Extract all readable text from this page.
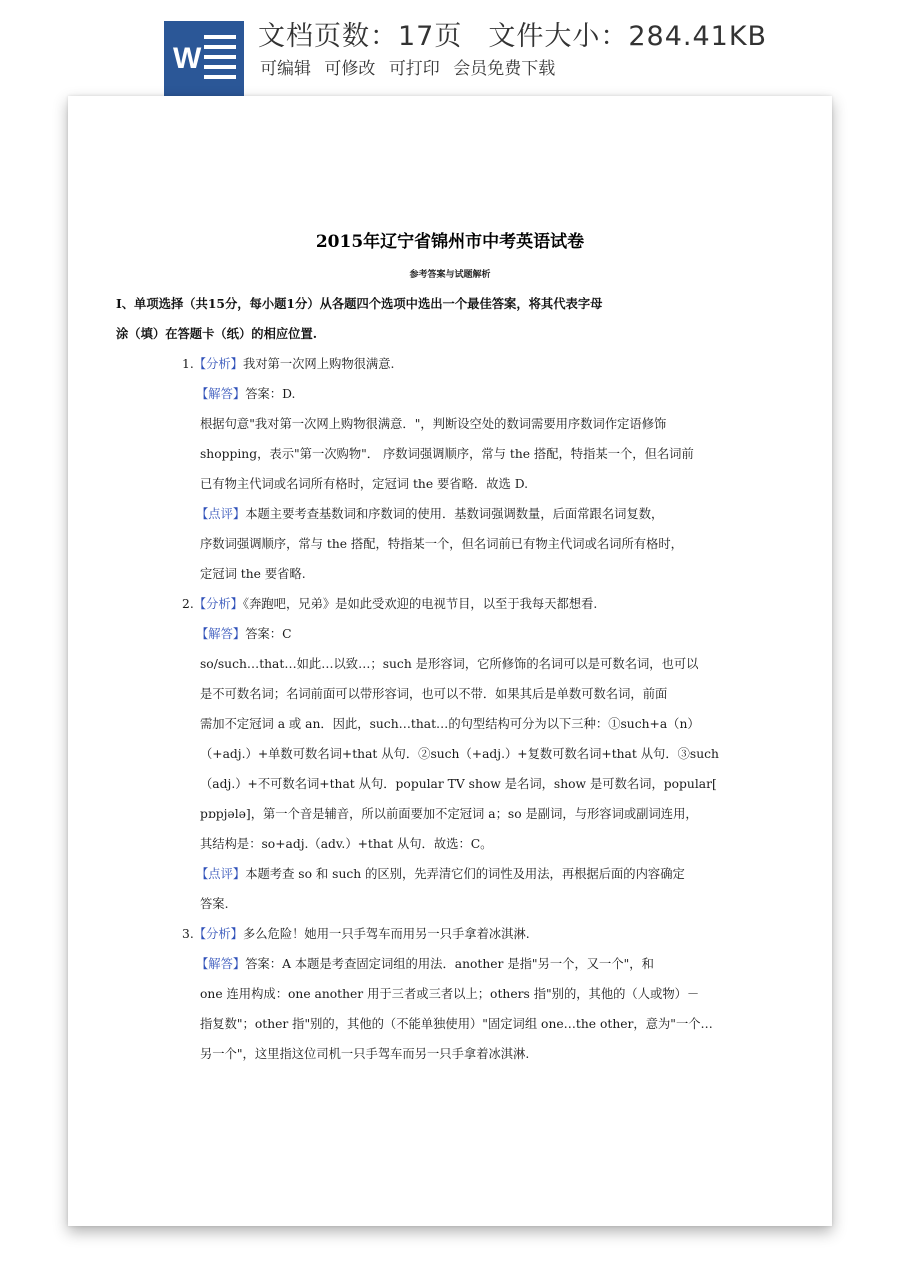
W
文档页数：17页 文件大小：284.41KB
可编辑 可修改 可打印 会员免费下载
2015年辽宁省锦州市中考英语试卷
参考答案与试题解析
I、单项选择（共15分，每小题1分）从各题四个选项中选出一个最佳答案，将其代表字母
涂（填）在答题卡（纸）的相应位置.
1.【分析】我对第一次网上购物很满意.
【解答】答案：D.
根据句意"我对第一次网上购物很满意．"，判断设空处的数词需要用序数词作定语修饰
shopping，表示"第一次购物"． 序数词强调顺序，常与 the 搭配，特指某一个，但名词前
已有物主代词或名词所有格时，定冠词 the 要省略．故选 D.
【点评】本题主要考查基数词和序数词的使用．基数词强调数量，后面常跟名词复数，
序数词强调顺序，常与 the 搭配，特指某一个，但名词前已有物主代词或名词所有格时，
定冠词 the 要省略.
2.【分析】《奔跑吧，兄弟》是如此受欢迎的电视节目，以至于我每天都想看.
【解答】答案：C
so/such…that…如此…以致…；such 是形容词，它所修饰的名词可以是可数名词，也可以
是不可数名词；名词前面可以带形容词，也可以不带．如果其后是单数可数名词，前面
需加不定冠词 a 或 an．因此，such…that…的句型结构可分为以下三种：①such+a（n）
（+adj.）+单数可数名词+that 从句．②such（+adj.）+复数可数名词+that 从句．③such
（adj.）+不可数名词+that 从句．popular TV show 是名词，show 是可数名词，popular[
pɒpjələ]，第一个音是辅音，所以前面要加不定冠词 a；so 是副词，与形容词或副词连用，
其结构是：so+adj.（adv.）+that 从句．故选：C。
【点评】本题考查 so 和 such 的区别，先弄清它们的词性及用法，再根据后面的内容确定
答案.
3.【分析】多么危险！她用一只手驾车而用另一只手拿着冰淇淋.
【解答】答案：A 本题是考查固定词组的用法．another 是指"另一个，又一个"，和
one 连用构成：one another 用于三者或三者以上；others 指"别的，其他的（人或物）－
指复数"；other 指"别的，其他的（不能单独使用）"固定词组 one…the other，意为"一个…
另一个"，这里指这位司机一只手驾车而另一只手拿着冰淇淋.
